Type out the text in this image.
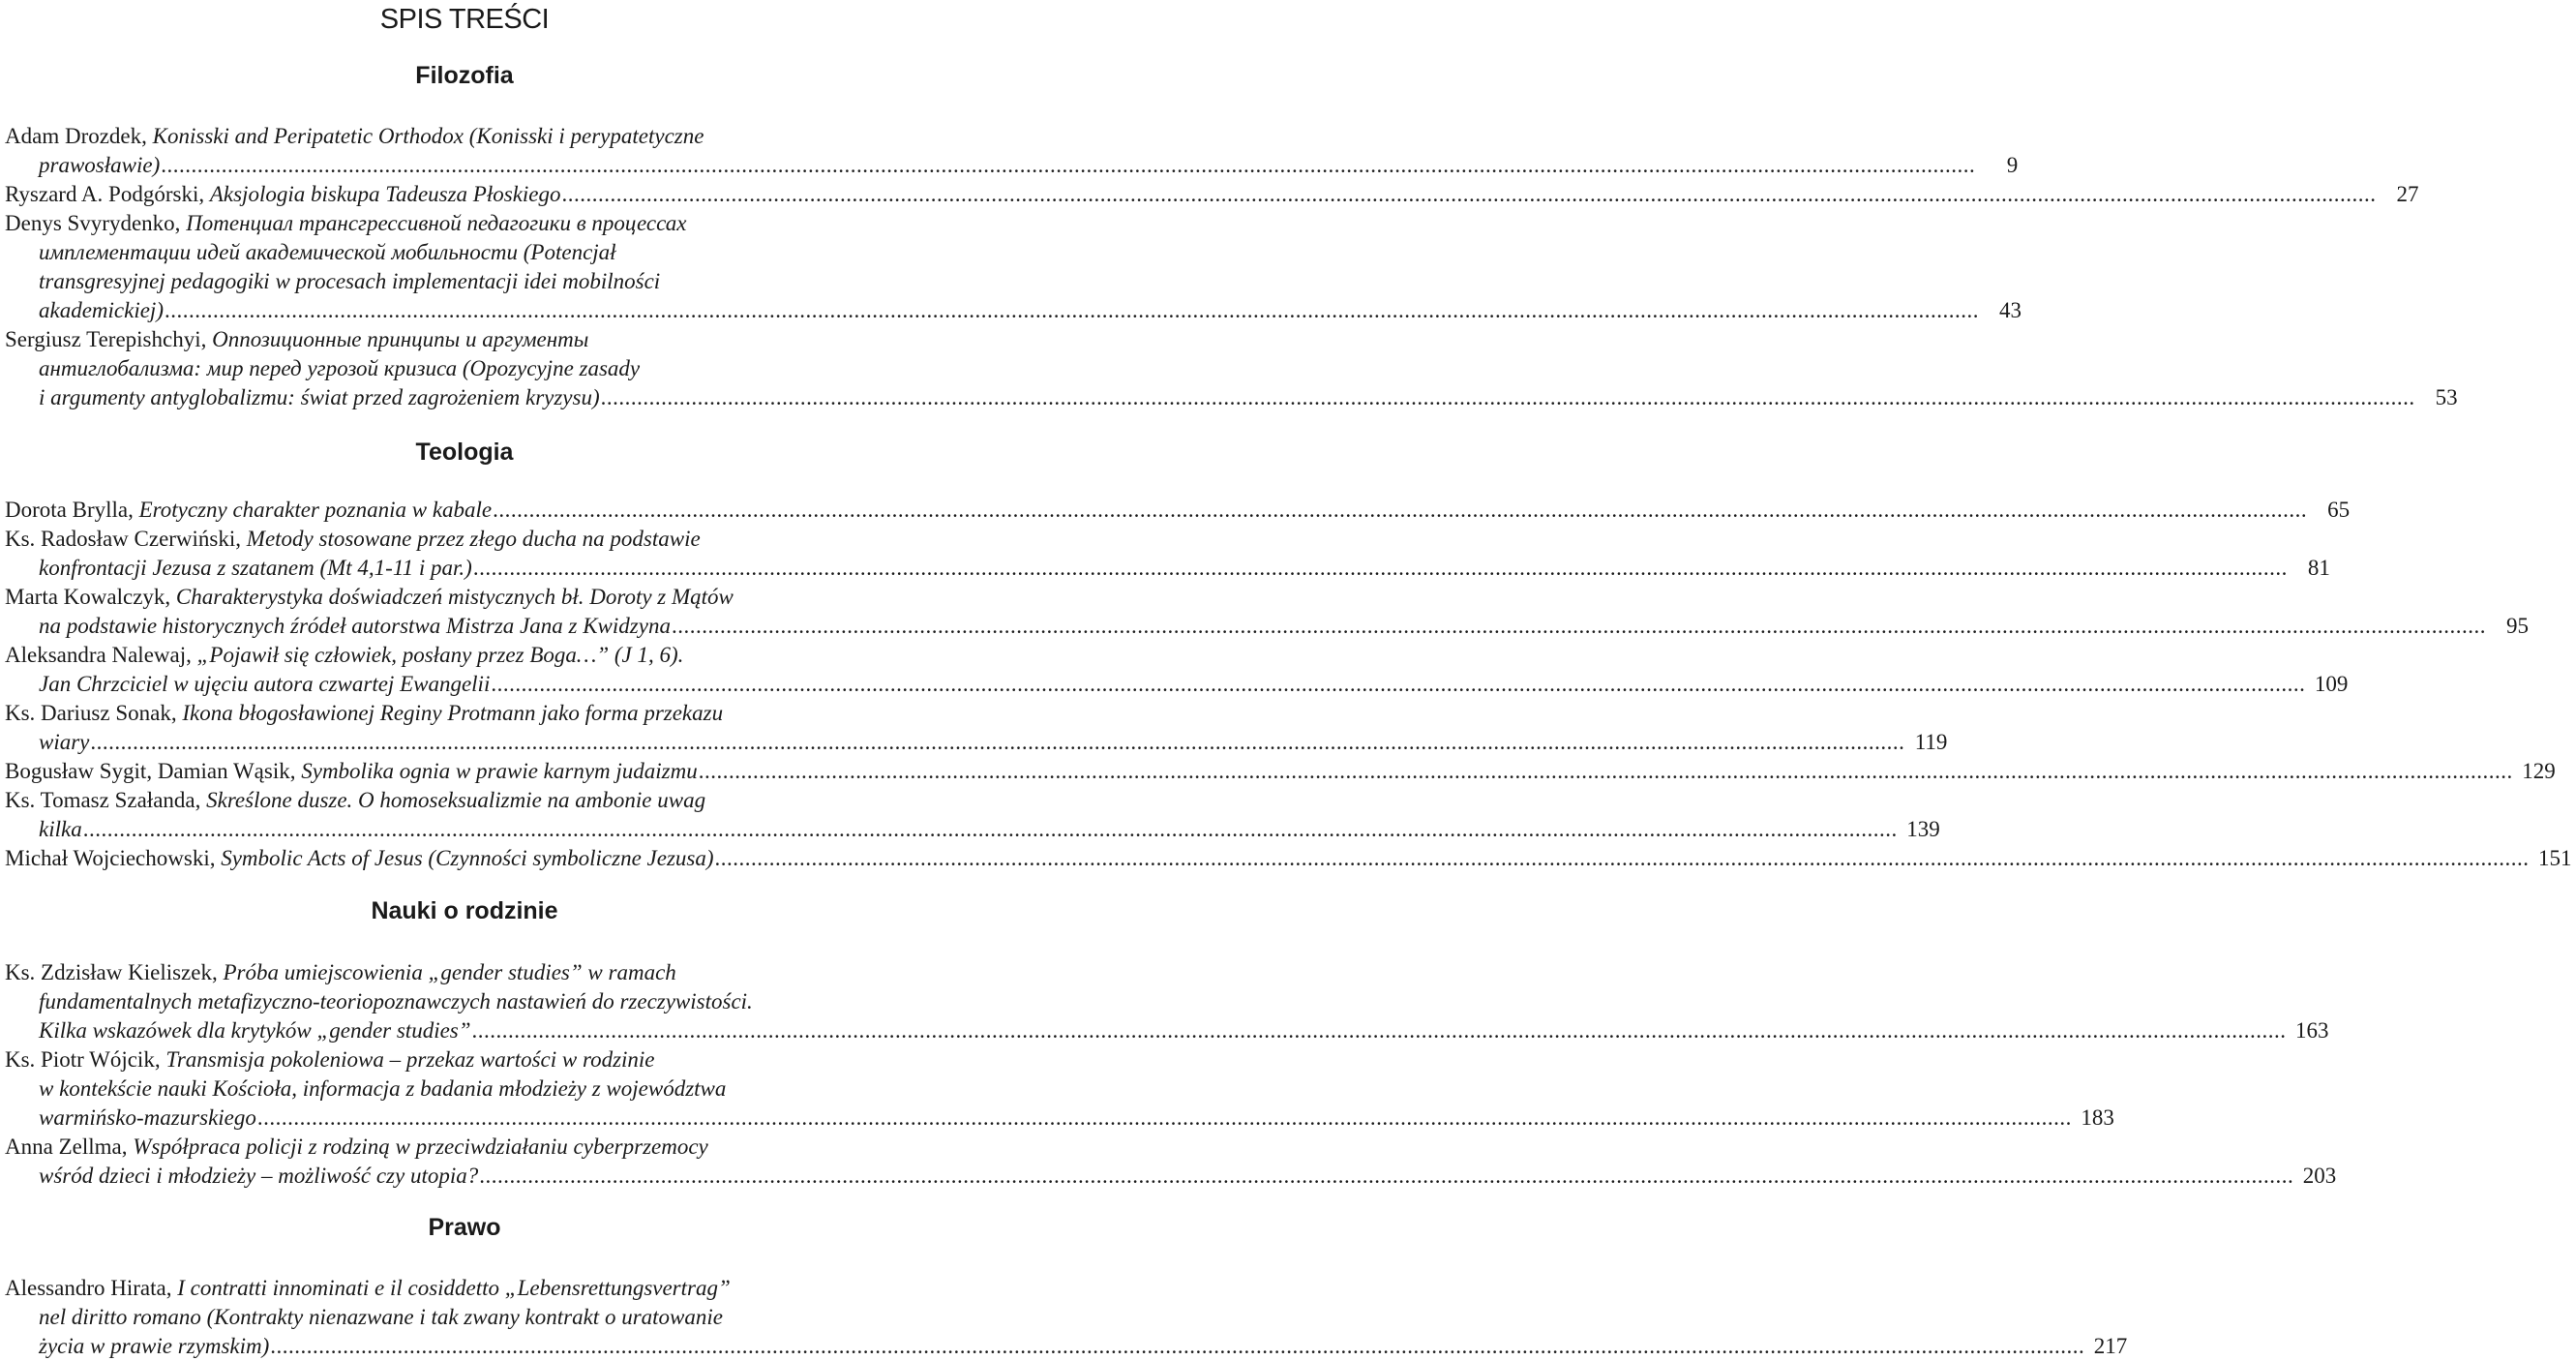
SPIS TREŚCI
Filozofia
Adam Drozdek, Konisski and Peripatetic Orthodox (Konisski i perypatetyczne
prawosławie) ............................................................................................................................................................................................................................................................................................................	9
Ryszard A. Podgórski, Aksjologia biskupa Tadeusza Płoskiego ............................................................................................................................................................................................................................................................................................................ 27
Denys Svyrydenko, Потенциал трансгрессивной педагогики в процессах
имплементации идей академической мобильности (Potencjał
transgresyjnej pedagogiki w procesach implementacji idei mobilności
akademickiej) ............................................................................................................................................................................................................................................................................................................ 43
Sergiusz Terepishchyi, Оппозиционные принципы и аргументы
антиглобализма: мир перед угрозой кризиса (Opozycyjne zasady
i argumenty antyglobalizmu: świat przed zagrożeniem kryzysu) ............................................................................................................................................................................................................................................................................................................ 53
Teologia
Dorota Brylla, Erotyczny charakter poznania w kabale ............................................................................................................................................................................................................................................................................................................ 65
Ks. Radosław Czerwiński, Metody stosowane przez złego ducha na podstawie
konfrontacji Jezusa z szatanem (Mt 4,1-11 i par.) ............................................................................................................................................................................................................................................................................................................ 81
Marta Kowalczyk, Charakterystyka doświadczeń mistycznych bł. Doroty z Mątów
na podstawie historycznych źródeł autorstwa Mistrza Jana z Kwidzyna ............................................................................................................................................................................................................................................................................................................ 95
Aleksandra Nalewaj, „Pojawił się człowiek, posłany przez Boga…” (J 1, 6).
Jan Chrzciciel w ujęciu autora czwartej Ewangelii ............................................................................................................................................................................................................................................................................................................ 109
Ks. Dariusz Sonak, Ikona błogosławionej Reginy Protmann jako forma przekazu
wiary ............................................................................................................................................................................................................................................................................................................ 119
Bogusław Sygit, Damian Wąsik, Symbolika ognia w prawie karnym judaizmu ............................................................................................................................................................................................................................................................................................................ 129
Ks. Tomasz Szałanda, Skreślone dusze. O homoseksualizmie na ambonie uwag
kilka ............................................................................................................................................................................................................................................................................................................ 139
Michał Wojciechowski, Symbolic Acts of Jesus (Czynności symboliczne Jezusa) ............................................................................................................................................................................................................................................................................................................ 151
Nauki o rodzinie
Ks. Zdzisław Kieliszek, Próba umiejscowienia „gender studies” w ramach
fundamentalnych metafizyczno-teoriopoznawczych nastawień do rzeczywistości.
Kilka wskazówek dla krytyków „gender studies” ............................................................................................................................................................................................................................................................................................................ 163
Ks. Piotr Wójcik, Transmisja pokoleniowa – przekaz wartości w rodzinie
w kontekście nauki Kościoła, informacja z badania młodzieży z województwa
warmińsko-mazurskiego ............................................................................................................................................................................................................................................................................................................ 183
Anna Zellma, Współpraca policji z rodziną w przeciwdziałaniu cyberprzemocy
wśród dzieci i młodzieży – możliwość czy utopia? ............................................................................................................................................................................................................................................................................................................ 203
Prawo
Alessandro Hirata, I contratti innominati e il cosiddetto „Lebensrettungsvertrag”
nel diritto romano (Kontrakty nienazwane i tak zwany kontrakt o uratowanie
życia w prawie rzymskim) ............................................................................................................................................................................................................................................................................................................ 217
